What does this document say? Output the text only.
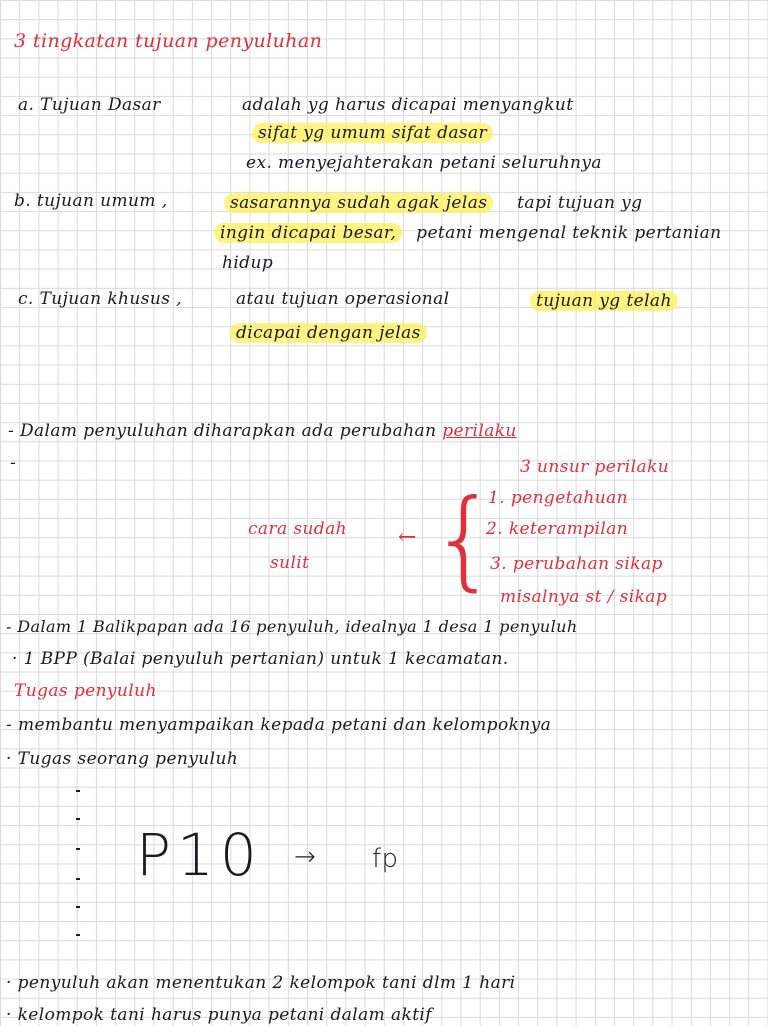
3 tingkatan tujuan penyuluhan
a. Tujuan Dasar	adalah yg harus dicapai menyangkut
sifat yg umum sifat dasar
ex. menyejahterakan petani seluruhnya
b. tujuan umum ,	sasarannya sudah agak jelas tapi tujuan yg
ingin dicapai besar, petani mengenal teknik pertanian
hidup
c. Tujuan khusus ,	atau tujuan operasional	tujuan yg telah
dicapai dengan jelas
- Dalam penyuluhan diharapkan ada perubahan perilaku
-	3 unsur perilaku
1. pengetahuan
2. keterampilan
3. perubahan sikap
misalnya st / sikap
{
←
cara sudah
sulit
- Dalam 1 Balikpapan ada 16 penyuluh, idealnya 1 desa 1 penyuluh
· 1 BPP (Balai penyuluh pertanian) untuk 1 kecamatan.
Tugas penyuluh
- membantu menyampaikan kepada petani dan kelompoknya
· Tugas seorang penyuluh
P10 → fp
· penyuluh akan menentukan 2 kelompok tani dlm 1 hari
· kelompok tani harus punya petani dalam aktif
